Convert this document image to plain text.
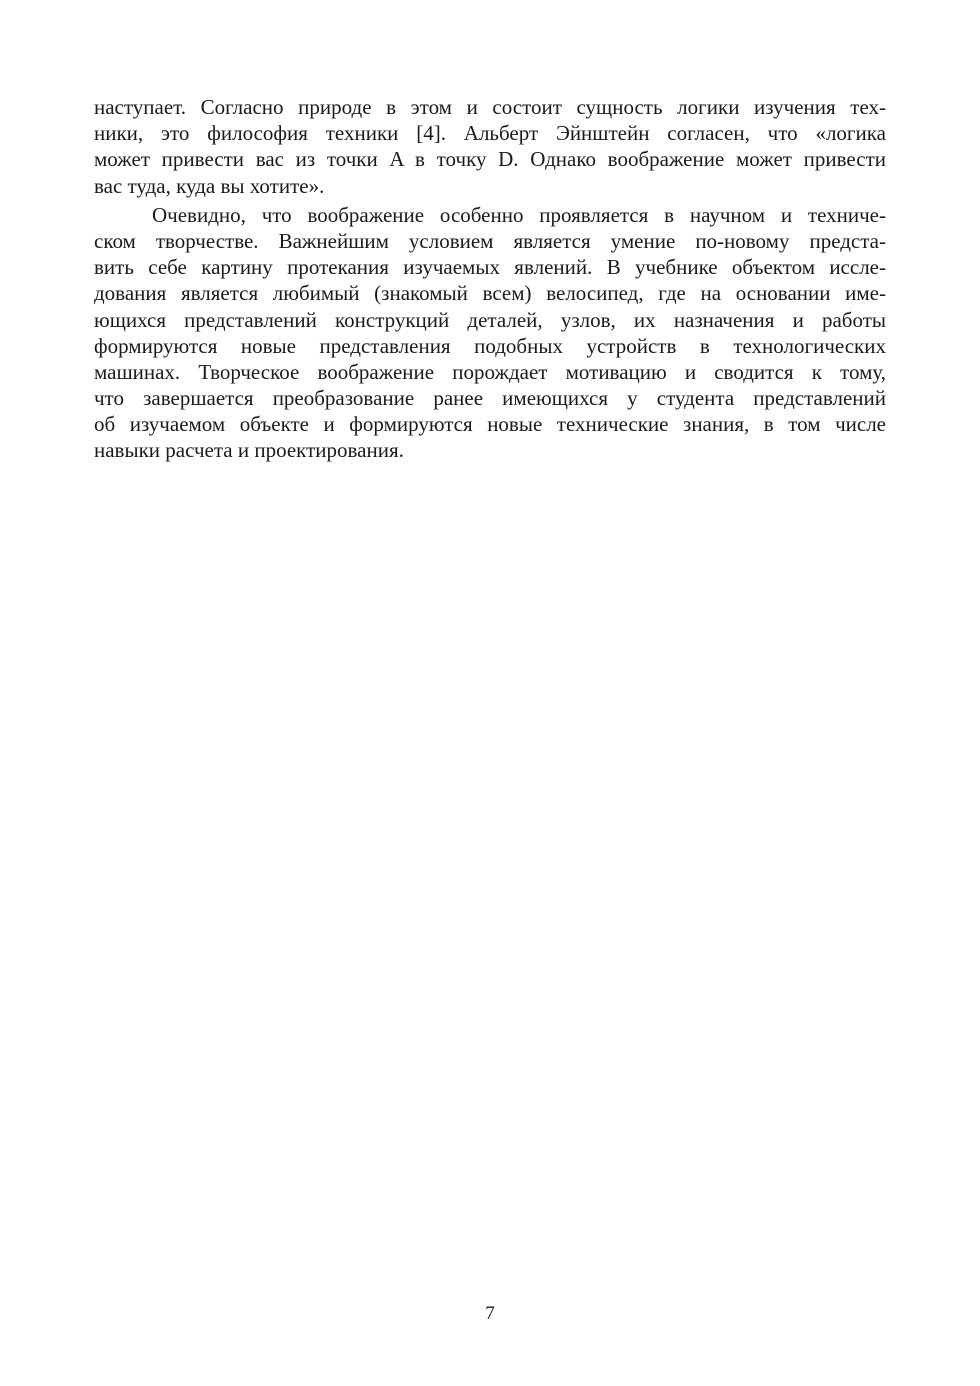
наступает. Согласно природе в этом и состоит сущность логики изучения тех-
ники, это философия техники [4]. Альберт Эйнштейн согласен, что «логика
может привести вас из точки A в точку D. Однако воображение может привести
вас туда, куда вы хотите».
Очевидно, что воображение особенно проявляется в научном и техниче-
ском творчестве. Важнейшим условием является умение по-новому предста-
вить себе картину протекания изучаемых явлений. В учебнике объектом иссле-
дования является любимый (знакомый всем) велосипед, где на основании име-
ющихся представлений конструкций деталей, узлов, их назначения и работы
формируются новые представления подобных устройств в технологических
машинах. Творческое воображение порождает мотивацию и сводится к тому,
что завершается преобразование ранее имеющихся у студента представлений
об изучаемом объекте и формируются новые технические знания, в том числе
навыки расчета и проектирования.
7
